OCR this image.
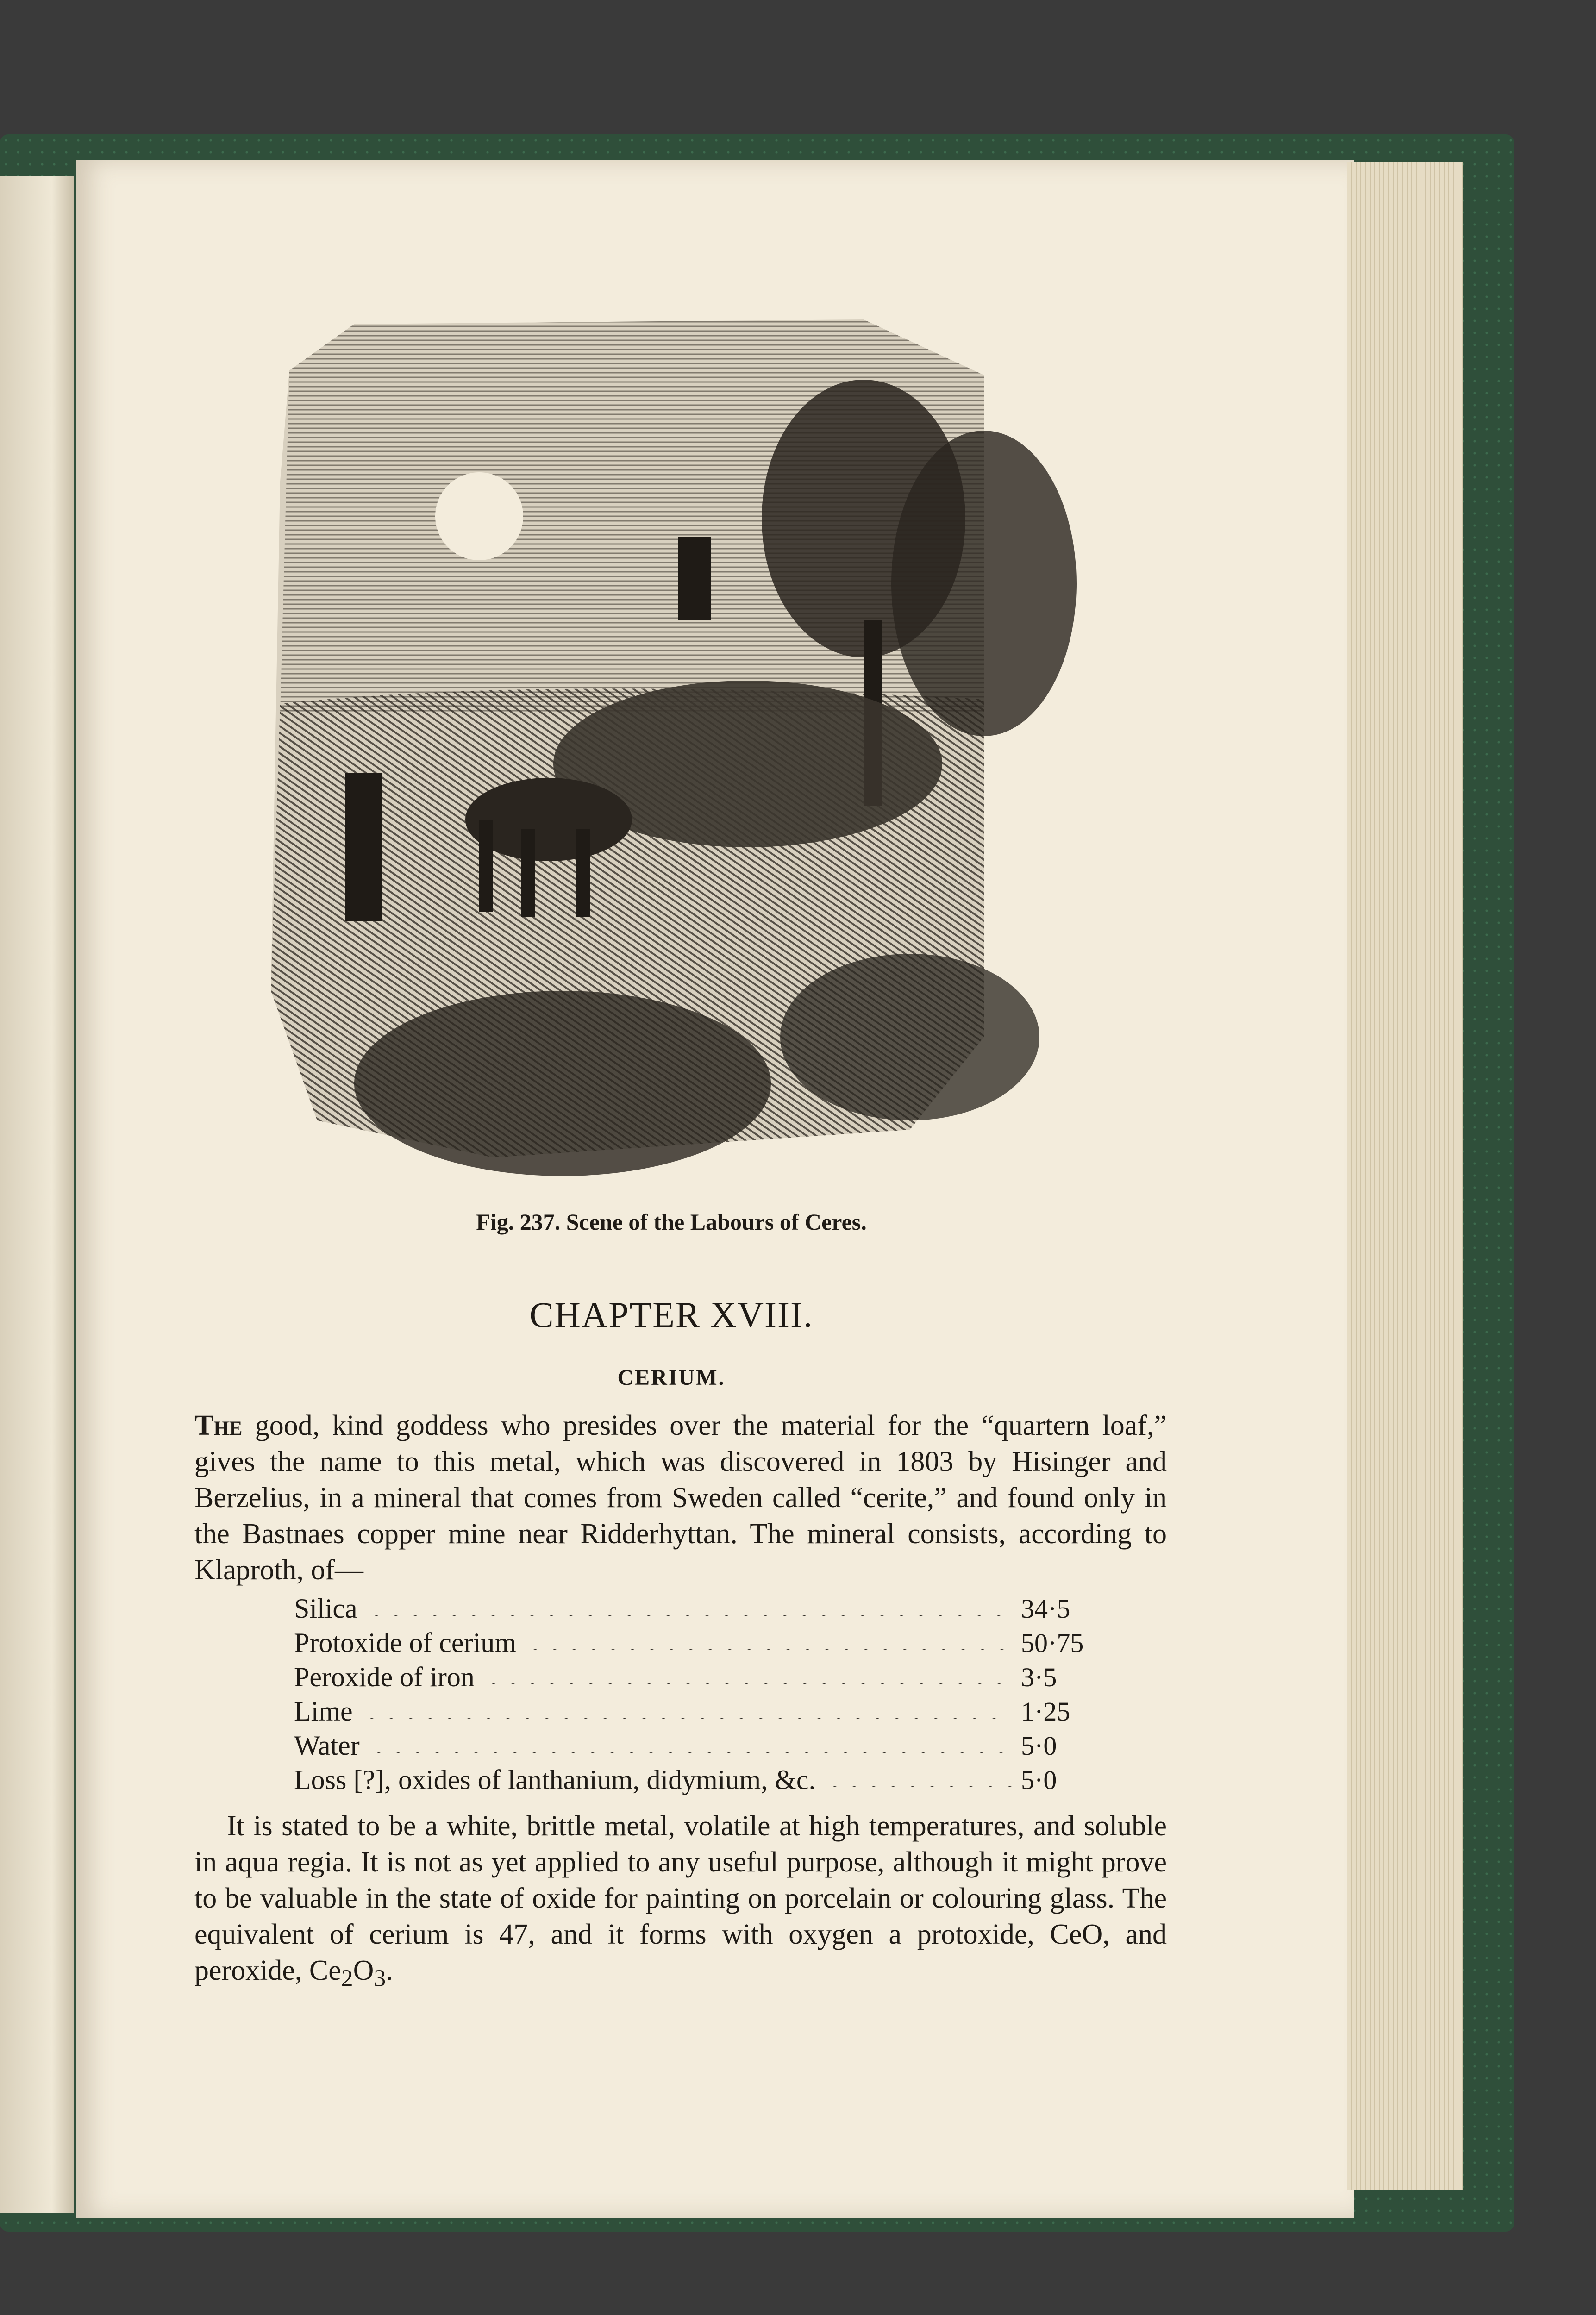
Fig. 237. Scene of the Labours of Ceres.
CHAPTER XVIII.
CERIUM.
The good, kind goddess who presides over the material for the “quartern loaf,” gives the name to this metal, which was discovered in 1803 by Hisinger and Berzelius, in a mineral that comes from Sweden called “cerite,” and found only in the Bastnaes copper mine near Ridderhyttan. The mineral consists, according to Klaproth, of—
Silica	34·5
Protoxide of cerium	50·75
Peroxide of iron	3·5
Lime	1·25
Water	5·0
Loss [?], oxides of lanthanium, didymium, &c.	5·0
It is stated to be a white, brittle metal, volatile at high temperatures, and soluble in aqua regia. It is not as yet applied to any useful purpose, although it might prove to be valuable in the state of oxide for painting on porcelain or colouring glass. The equivalent of cerium is 47, and it forms with oxygen a protoxide, CeO, and peroxide, $Ce_2O_3$.
